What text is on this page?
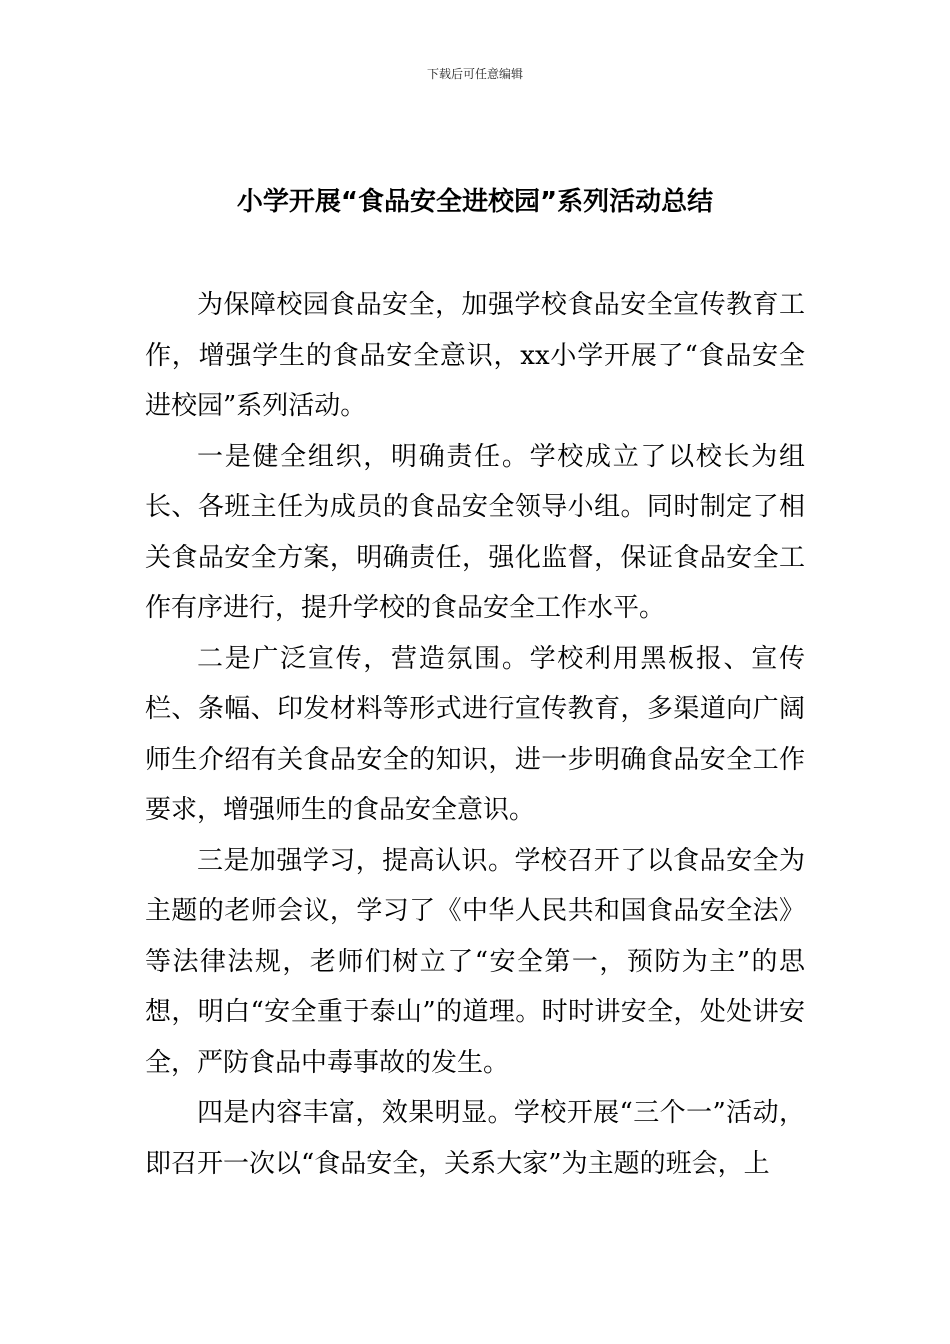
下载后可任意编辑
小学开展“食品安全进校园”系列活动总结

为保障校园食品安全，加强学校食品安全宣传教育工作，增强学生的食品安全意识，xx小学开展了“食品安全进校园”系列活动。

一是健全组织，明确责任。学校成立了以校长为组长、各班主任为成员的食品安全领导小组。同时制定了相关食品安全方案，明确责任，强化监督，保证食品安全工作有序进行，提升学校的食品安全工作水平。

二是广泛宣传，营造氛围。学校利用黑板报、宣传栏、条幅、印发材料等形式进行宣传教育，多渠道向广阔师生介绍有关食品安全的知识，进一步明确食品安全工作要求，增强师生的食品安全意识。

三是加强学习，提高认识。学校召开了以食品安全为主题的老师会议，学习了《中华人民共和国食品安全法》等法律法规，老师们树立了“安全第一，预防为主”的思想，明白“安全重于泰山”的道理。时时讲安全，处处讲安全，严防食品中毒事故的发生。

四是内容丰富，效果明显。学校开展“三个一”活动，即召开一次以“食品安全，关系大家”为主题的班会，上
